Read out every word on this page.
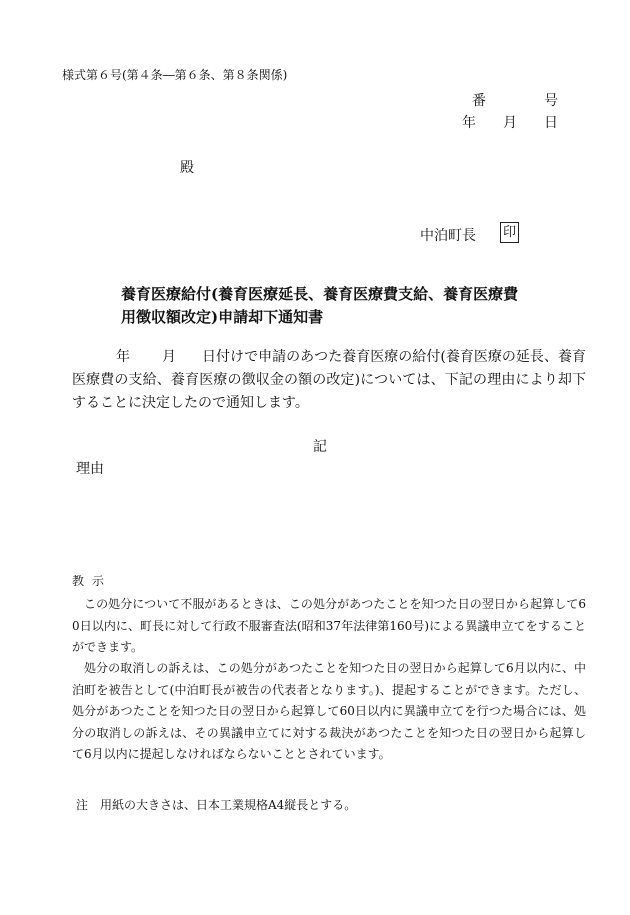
様式第６号(第４条―第６条、第８条関係)
番	号
年 月 日
殿
中泊町長 印
養育医療給付(養育医療延長、養育医療費支給、養育医療費用徴収額改定)申請却下通知書
年 月 日付けで申請のあつた養育医療の給付(養育医療の延長、養育医療費の支給、養育医療の徴収金の額の改定)については、下記の理由により却下することに決定したので通知します。
記
理由
教示
この処分について不服があるときは、この処分があつたことを知つた日の翌日から起算して60日以内に、町長に対して行政不服審査法(昭和37年法律第160号)による異議申立てをすることができます。
処分の取消しの訴えは、この処分があつたことを知つた日の翌日から起算して6月以内に、中泊町を被告として(中泊町長が被告の代表者となります。)、提起することができます。ただし、処分があつたことを知つた日の翌日から起算して60日以内に異議申立てを行つた場合には、処分の取消しの訴えは、その異議申立てに対する裁決があつたことを知つた日の翌日から起算して6月以内に提起しなければならないこととされています。
注　用紙の大きさは、日本工業規格A4縦長とする。
